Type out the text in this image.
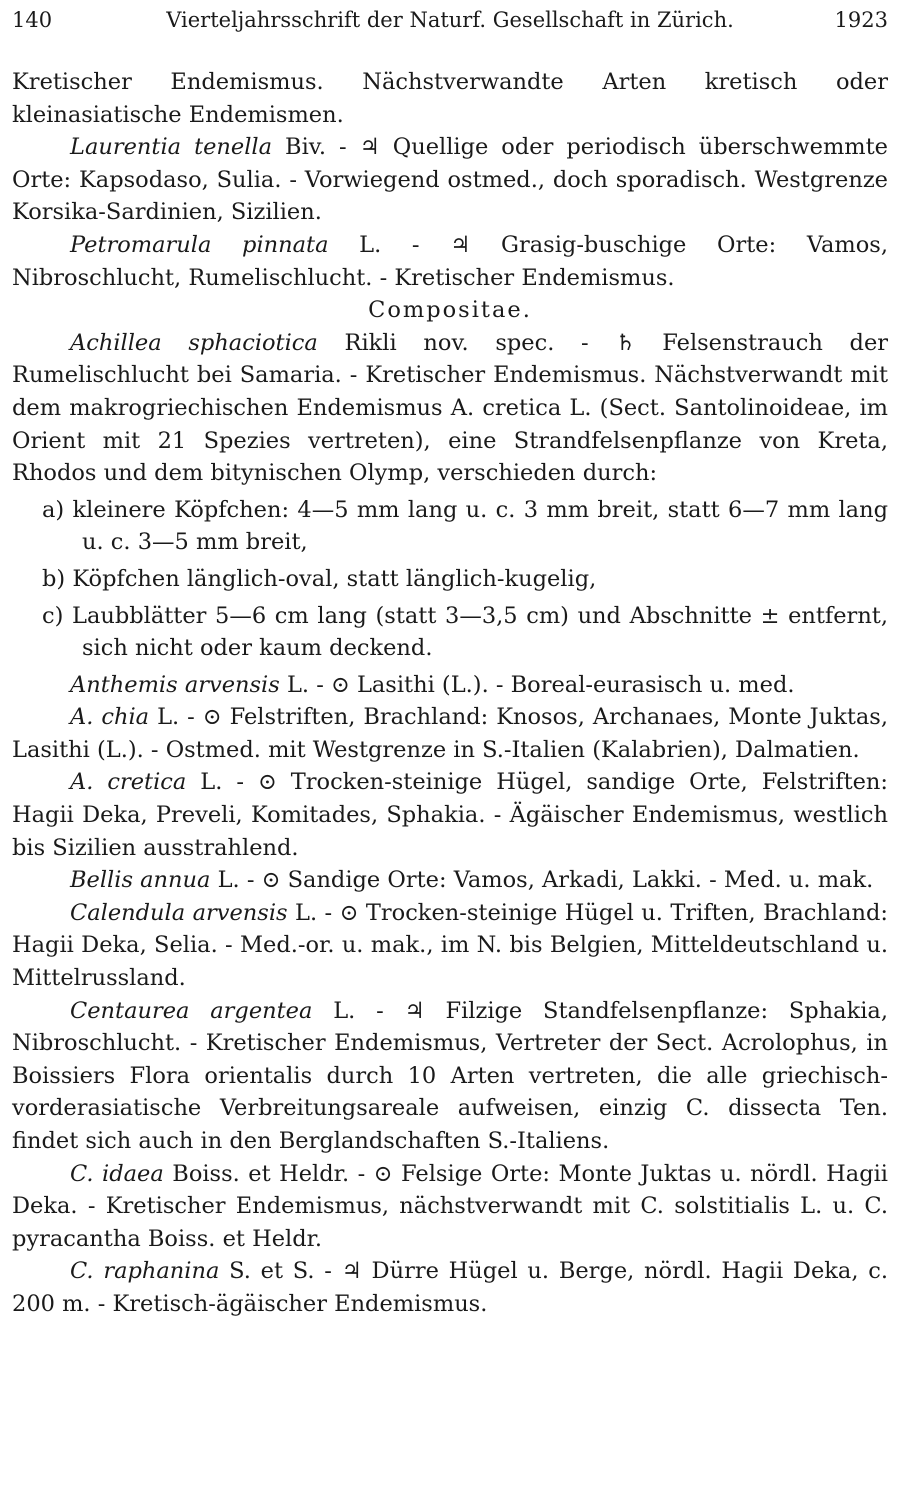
140	Vierteljahrsschrift der Naturf. Gesellschaft in Zürich.	1923

Kretischer Endemismus. Nächstverwandte Arten kretisch oder kleinasiatische Endemismen.

Laurentia tenella Biv. - ♃ Quellige oder periodisch überschwemmte Orte: Kapsodaso, Sulia. - Vorwiegend ostmed., doch sporadisch. Westgrenze Korsika-Sardinien, Sizilien.

Petromarula pinnata L. - ♃ Grasig-buschige Orte: Vamos, Nibroschlucht, Rumelischlucht. - Kretischer Endemismus.

Compositae.

Achillea sphaciotica Rikli nov. spec. - ♄ Felsenstrauch der Rumelischlucht bei Samaria. - Kretischer Endemismus. Nächstverwandt mit dem makrogriechischen Endemismus A. cretica L. (Sect. Santolinoideae, im Orient mit 21 Spezies vertreten), eine Strandfelsenpflanze von Kreta, Rhodos und dem bitynischen Olymp, verschieden durch:

a) kleinere Köpfchen: 4—5 mm lang u. c. 3 mm breit, statt 6—7 mm lang u. c. 3—5 mm breit,

b) Köpfchen länglich-oval, statt länglich-kugelig,

c) Laubblätter 5—6 cm lang (statt 3—3,5 cm) und Abschnitte ± entfernt, sich nicht oder kaum deckend.

Anthemis arvensis L. - ⊙ Lasithi (L.). - Boreal-eurasisch u. med.

A. chia L. - ⊙ Felstriften, Brachland: Knosos, Archanaes, Monte Juktas, Lasithi (L.). - Ostmed. mit Westgrenze in S.-Italien (Kalabrien), Dalmatien.

A. cretica L. - ⊙ Trocken-steinige Hügel, sandige Orte, Felstriften: Hagii Deka, Preveli, Komitades, Sphakia. - Ägäischer Endemismus, westlich bis Sizilien ausstrahlend.

Bellis annua L. - ⊙ Sandige Orte: Vamos, Arkadi, Lakki. - Med. u. mak.

Calendula arvensis L. - ⊙ Trocken-steinige Hügel u. Triften, Brachland: Hagii Deka, Selia. - Med.-or. u. mak., im N. bis Belgien, Mitteldeutschland u. Mittelrussland.

Centaurea argentea L. - ♃ Filzige Standfelsenpflanze: Sphakia, Nibroschlucht. - Kretischer Endemismus, Vertreter der Sect. Acrolophus, in Boissiers Flora orientalis durch 10 Arten vertreten, die alle griechisch-vorderasiatische Verbreitungsareale aufweisen, einzig C. dissecta Ten. findet sich auch in den Berglandschaften S.-Italiens.

C. idaea Boiss. et Heldr. - ⊙ Felsige Orte: Monte Juktas u. nördl. Hagii Deka. - Kretischer Endemismus, nächstverwandt mit C. solstitialis L. u. C. pyracantha Boiss. et Heldr.

C. raphanina S. et S. - ♃ Dürre Hügel u. Berge, nördl. Hagii Deka, c. 200 m. - Kretisch-ägäischer Endemismus.
